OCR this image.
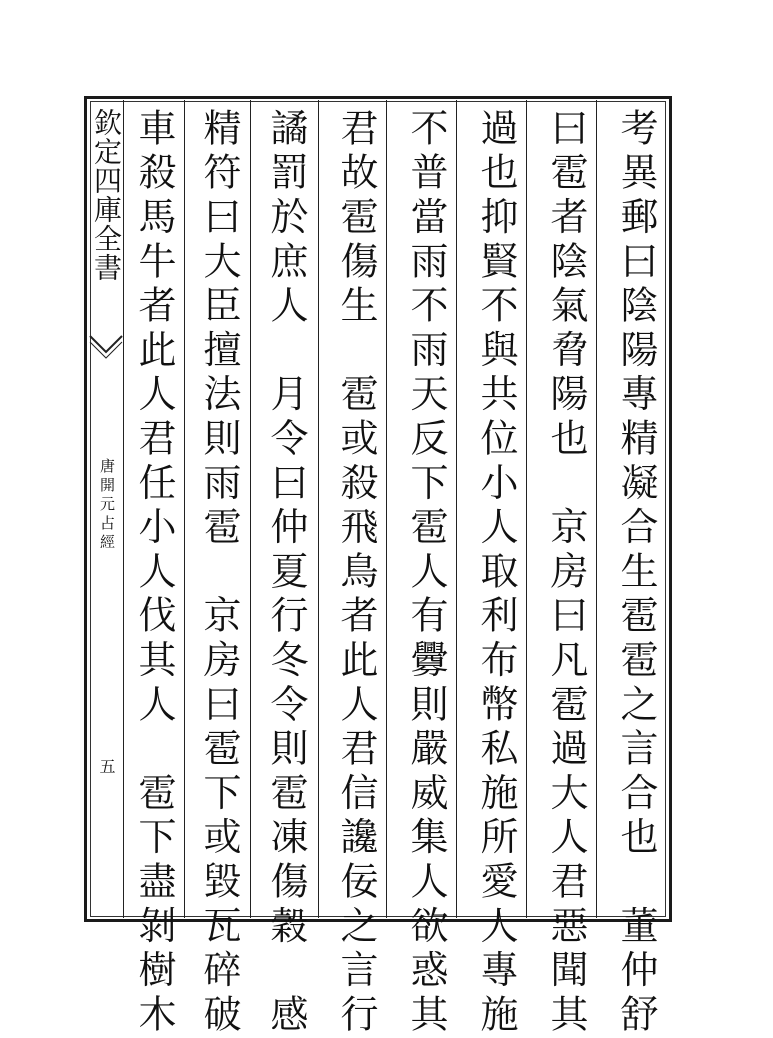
欽定四庫全書
唐開元占經
五	考異郵曰陰陽專精凝合生雹雹之言合也　董仲舒
曰雹者陰氣脅陽也　京房曰凡雹過大人君惡聞其
過也抑賢不與共位小人取利布幣私施所愛人專施
不普當雨不雨天反下雹人有釁則嚴威集人欲惑其
君故雹傷生　雹或殺飛鳥者此人君信讒佞之言行
譎罰於庶人　月令曰仲夏行冬令則雹凍傷穀　感
精符曰大臣擅法則雨雹　京房曰雹下或毀瓦碎破
車殺馬牛者此人君任小人伐其人　雹下盡剝樹木
